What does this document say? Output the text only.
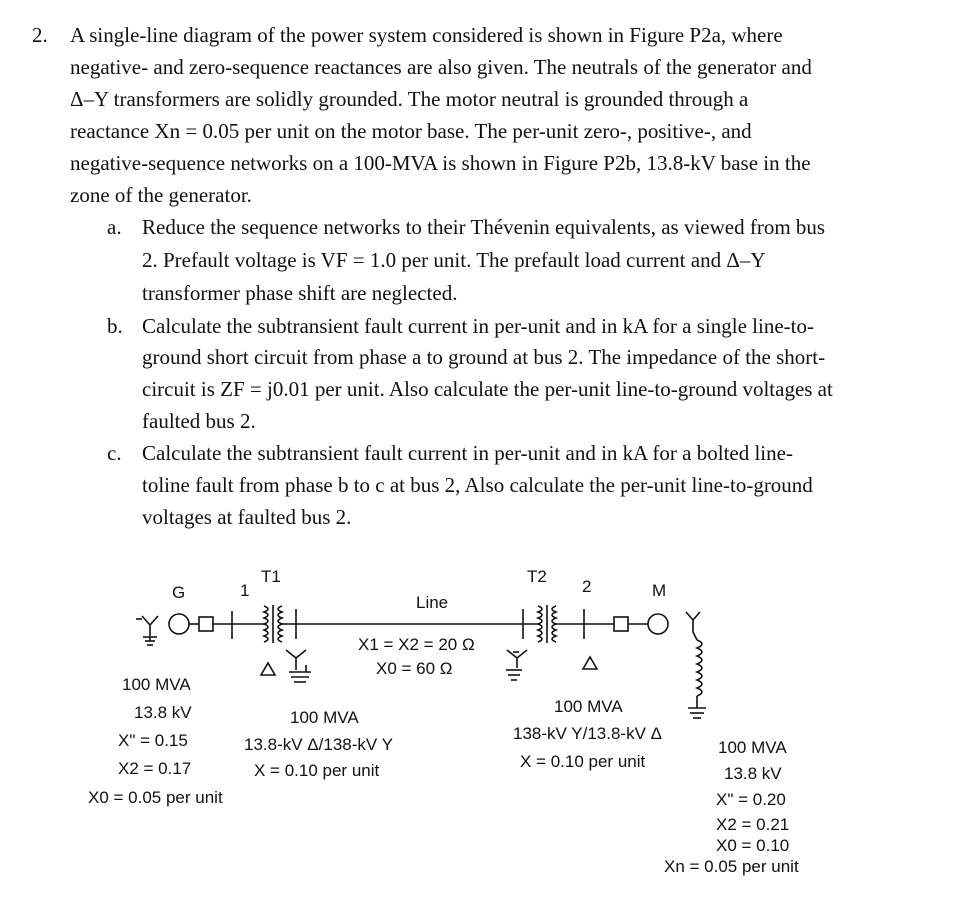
2. A single-line diagram of the power system considered is shown in Figure P2a, where
negative- and zero-sequence reactances are also given. The neutrals of the generator and
Δ–Y transformers are solidly grounded. The motor neutral is grounded through a
reactance Xn = 0.05 per unit on the motor base. The per-unit zero-, positive-, and
negative-sequence networks on a 100-MVA is shown in Figure P2b, 13.8-kV base in the
zone of the generator.
a. Reduce the sequence networks to their Thévenin equivalents, as viewed from bus
2. Prefault voltage is VF = 1.0 per unit. The prefault load current and Δ–Y
transformer phase shift are neglected.
b. Calculate the subtransient fault current in per-unit and in kA for a single line-to-
ground short circuit from phase a to ground at bus 2. The impedance of the short-
circuit is ZF = j0.01 per unit. Also calculate the per-unit line-to-ground voltages at
faulted bus 2.
c. Calculate the subtransient fault current in per-unit and in kA for a bolted line-
toline fault from phase b to c at bus 2, Also calculate the per-unit line-to-ground
voltages at faulted bus 2.
G	1
T1	T2
2	M
Line
X1 = X2 = 20 Ω
X0 = 60 Ω
100 MVA
13.8 kV
X" = 0.15
X2 = 0.17
X0 = 0.05 per unit
100 MVA
13.8-kV Δ/138-kV Y
X = 0.10 per unit
100 MVA
138-kV Y/13.8-kV Δ
X = 0.10 per unit
100 MVA
13.8 kV
X" = 0.20
X2 = 0.21
X0 = 0.10
Xn = 0.05 per unit
